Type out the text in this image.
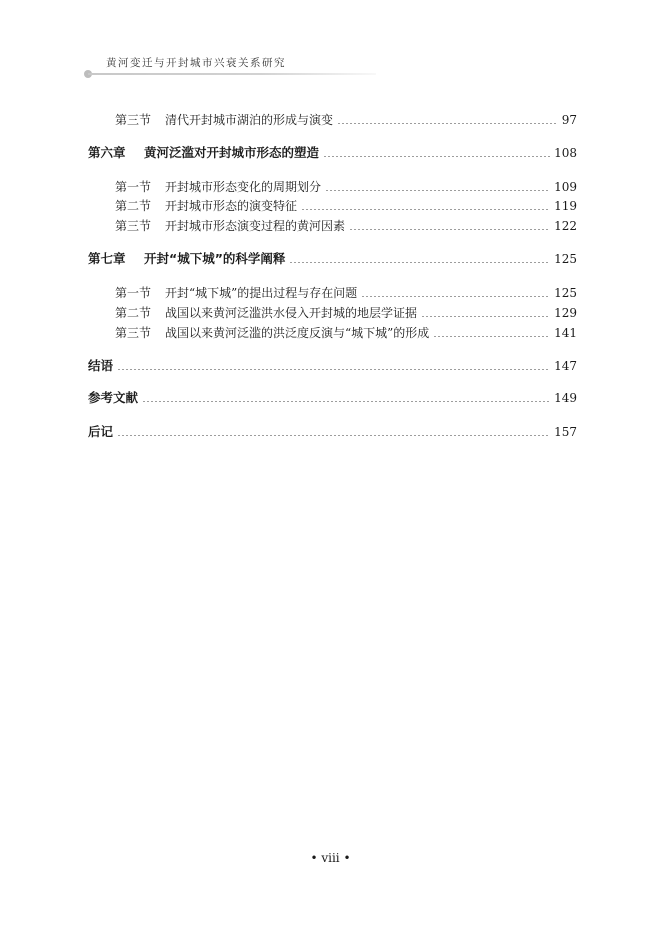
黄河变迁与开封城市兴衰关系研究
第三节	清代开封城市湖泊的形成与演变	97
第六章	黄河泛滥对开封城市形态的塑造	108
第一节	开封城市形态变化的周期划分	109
第二节	开封城市形态的演变特征	119
第三节	开封城市形态演变过程的黄河因素	122
第七章	开封“城下城”的科学阐释	125
第一节	开封“城下城”的提出过程与存在问题	125
第二节	战国以来黄河泛滥洪水侵入开封城的地层学证据	129
第三节	战国以来黄河泛滥的洪泛度反演与“城下城”的形成	141
结语	147
参考文献	149
后记	157
• viii •
